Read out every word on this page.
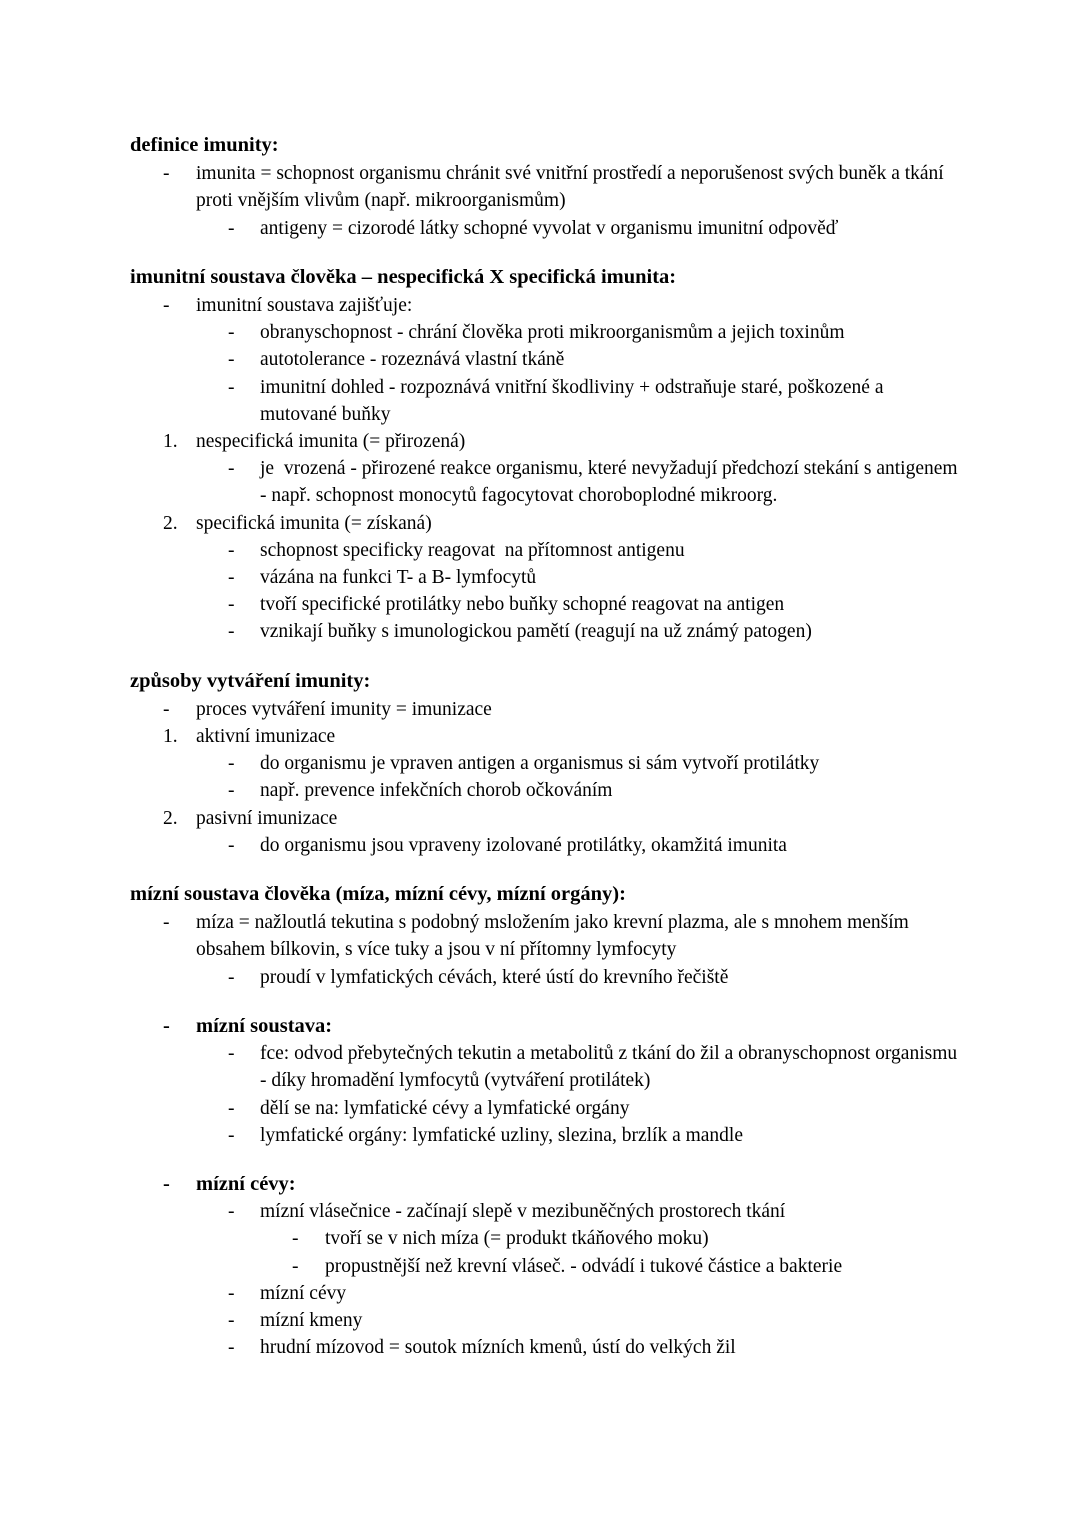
definice imunity:
-	imunita = schopnost organismu chránit své vnitřní prostředí a neporušenost svých buněk a tkání proti vnějším vlivům (např. mikroorganismům)
-	antigeny = cizorodé látky schopné vyvolat v organismu imunitní odpověď
imunitní soustava člověka – nespecifická X specifická imunita:
-	imunitní soustava zajišťuje:
-	obranyschopnost - chrání člověka proti mikroorganismům a jejich toxinům
-	autotolerance - rozeznává vlastní tkáně
-	imunitní dohled - rozpoznává vnitřní škodliviny + odstraňuje staré, poškozené a mutované buňky
1. nespecifická imunita (= přirozená)
-	je  vrozená - přirozené reakce organismu, které nevyžadují předchozí stekání s antigenem - např. schopnost monocytů fagocytovat choroboplodné mikroorg.
2. specifická imunita (= získaná)
-	schopnost specificky reagovat  na přítomnost antigenu
-	vázána na funkci T- a B- lymfocytů
-	tvoří specifické protilátky nebo buňky schopné reagovat na antigen
-	vznikají buňky s imunologickou pamětí (reagují na už známý patogen)
způsoby vytváření imunity:
-	proces vytváření imunity = imunizace
1. aktivní imunizace
-	do organismu je vpraven antigen a organismus si sám vytvoří protilátky
-	např. prevence infekčních chorob očkováním
2. pasivní imunizace
-	do organismu jsou vpraveny izolované protilátky, okamžitá imunita
mízní soustava člověka (míza, mízní cévy, mízní orgány):
-	míza = nažloutlá tekutina s podobný msložením jako krevní plazma, ale s mnohem menším obsahem bílkovin, s více tuky a jsou v ní přítomny lymfocyty
-	proudí v lymfatických cévách, které ústí do krevního řečiště
-	mízní soustava:
-	fce: odvod přebytečných tekutin a metabolitů z tkání do žil a obranyschopnost organismu - díky hromadění lymfocytů (vytváření protilátek)
-	dělí se na: lymfatické cévy a lymfatické orgány
-	lymfatické orgány: lymfatické uzliny, slezina, brzlík a mandle
-	mízní cévy:
-	mízní vlásečnice - začínají slepě v mezibuněčných prostorech tkání
-	tvoří se v nich míza (= produkt tkáňového moku)
-	propustnější než krevní vláseč. - odvádí i tukové částice a bakterie
-	mízní cévy
-	mízní kmeny
-	hrudní mízovod = soutok mízních kmenů, ústí do velkých žil
